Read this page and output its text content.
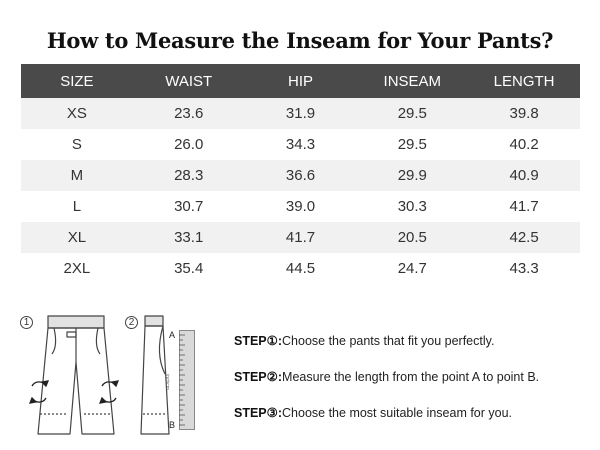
How to Measure the Inseam for Your Pants?
SIZE	WAIST	HIP	INSEAM	LENGTH
XS	23.6	31.9	29.5	39.8
S	26.0	34.3	29.5	40.2
M	28.3	36.6	29.9	40.9
L	30.7	39.0	30.3	41.7
XL	33.1	41.7	20.5	42.5
2XL	35.4	44.5	24.7	43.3
1	2
A
B
inchcm
STEP①:Choose the pants that fit you perfectly.
STEP②:Measure the length from the point A to point B.
STEP③:Choose the most suitable inseam for you.
